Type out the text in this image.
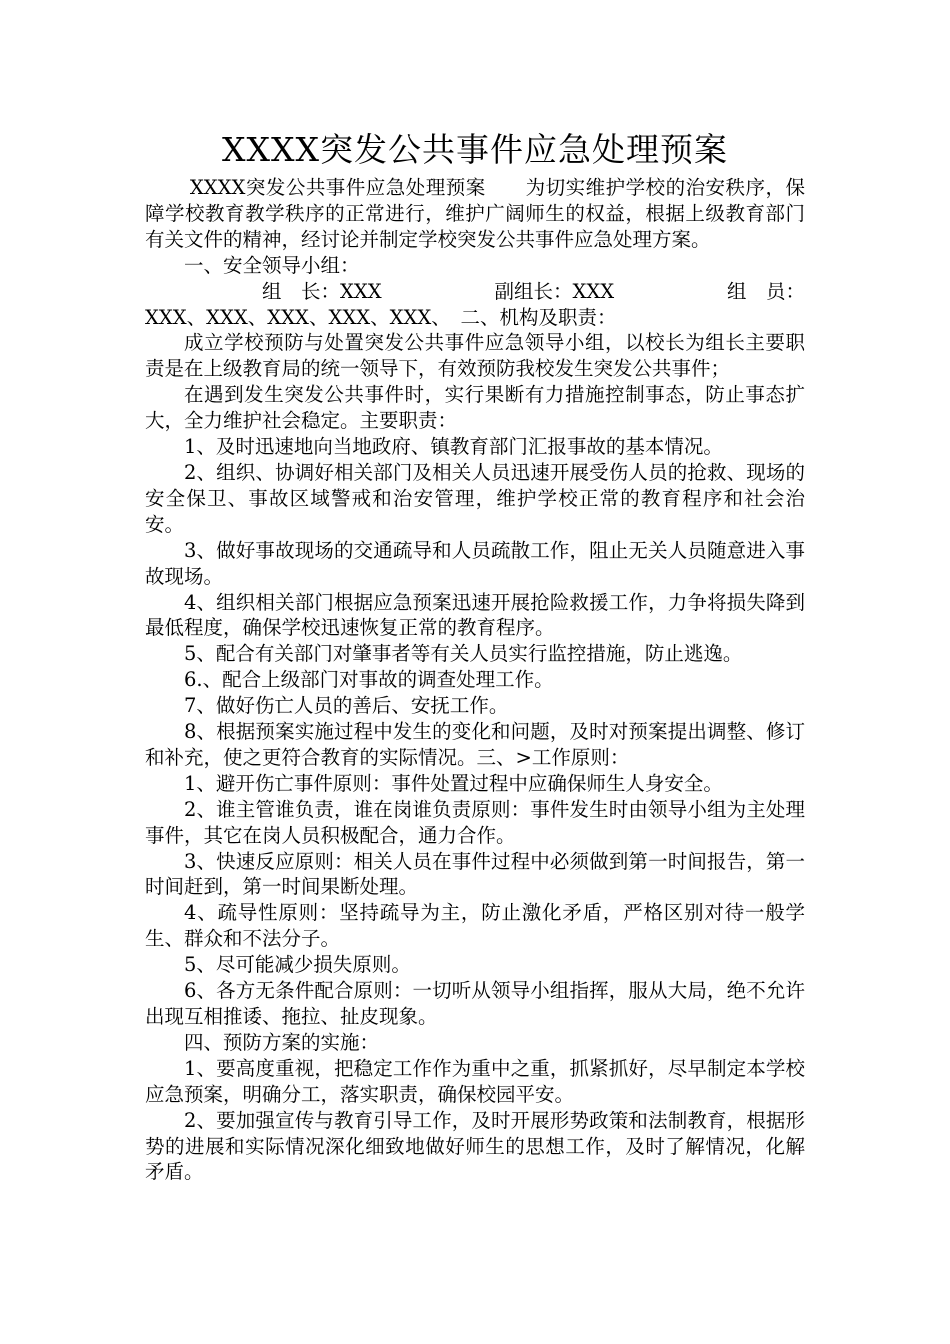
XXXX突发公共事件应急处理预案

XXXX突发公共事件应急处理预案　　为切实维护学校的治安秩序，保障学校教育教学秩序的正常进行，维护广阔师生的权益，根据上级教育部门有关文件的精神，经讨论并制定学校突发公共事件应急处理方案。

一、安全领导小组：

组　长：XXX	副组长：XXX	组　员：
XXX、XXX、XXX、XXX、XXX、　二、机构及职责：

成立学校预防与处置突发公共事件应急领导小组，以校长为组长主要职责是在上级教育局的统一领导下，有效预防我校发生突发公共事件；

在遇到发生突发公共事件时，实行果断有力措施控制事态，防止事态扩大，全力维护社会稳定。主要职责：

1、及时迅速地向当地政府、镇教育部门汇报事故的基本情况。

2、组织、协调好相关部门及相关人员迅速开展受伤人员的抢救、现场的安全保卫、事故区域警戒和治安管理，维护学校正常的教育程序和社会治安。

3、做好事故现场的交通疏导和人员疏散工作，阻止无关人员随意进入事故现场。

4、组织相关部门根据应急预案迅速开展抢险救援工作，力争将损失降到最低程度，确保学校迅速恢复正常的教育程序。

5、配合有关部门对肇事者等有关人员实行监控措施，防止逃逸。

6.、配合上级部门对事故的调查处理工作。

7、做好伤亡人员的善后、安抚工作。

8、根据预案实施过程中发生的变化和问题，及时对预案提出调整、修订和补充，使之更符合教育的实际情况。三、>工作原则：

1、避开伤亡事件原则：事件处置过程中应确保师生人身安全。

2、谁主管谁负责，谁在岗谁负责原则：事件发生时由领导小组为主处理事件，其它在岗人员积极配合，通力合作。

3、快速反应原则：相关人员在事件过程中必须做到第一时间报告，第一时间赶到，第一时间果断处理。

4、疏导性原则：坚持疏导为主，防止激化矛盾，严格区别对待一般学生、群众和不法分子。

5、尽可能减少损失原则。

6、各方无条件配合原则：一切听从领导小组指挥，服从大局，绝不允许出现互相推诿、拖拉、扯皮现象。

四、预防方案的实施：

1、要高度重视，把稳定工作作为重中之重，抓紧抓好，尽早制定本学校应急预案，明确分工，落实职责，确保校园平安。

2、要加强宣传与教育引导工作，及时开展形势政策和法制教育，根据形势的进展和实际情况深化细致地做好师生的思想工作，及时了解情况，化解矛盾。
